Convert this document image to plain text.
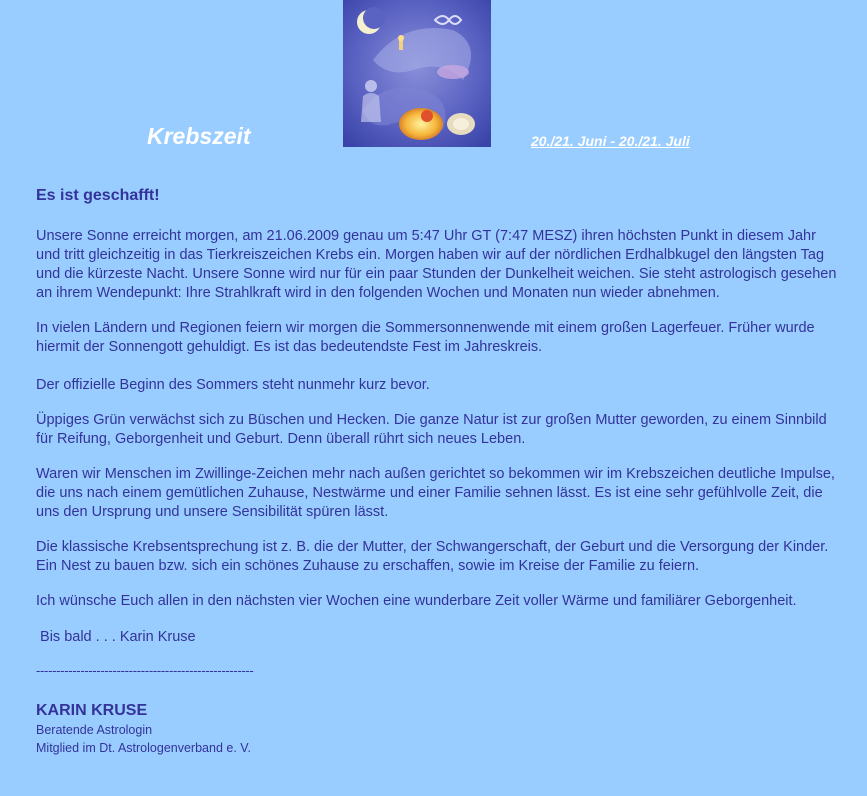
Krebszeit	20./21. Juni - 20./21. Juli
Es ist geschafft!

Unsere Sonne erreicht morgen, am 21.06.2009 genau um 5:47 Uhr GT (7:47 MESZ) ihren höchsten Punkt in diesem Jahr und tritt gleichzeitig in das Tierkreiszeichen Krebs ein. Morgen haben wir auf der nördlichen Erdhalbkugel den längsten Tag und die kürzeste Nacht. Unsere Sonne wird nur für ein paar Stunden der Dunkelheit weichen. Sie steht astrologisch gesehen an ihrem Wendepunkt: Ihre Strahlkraft wird in den folgenden Wochen und Monaten nun wieder abnehmen.

In vielen Ländern und Regionen feiern wir morgen die Sommersonnenwende mit einem großen Lagerfeuer. Früher wurde hiermit der Sonnengott gehuldigt. Es ist das bedeutendste Fest im Jahreskreis.

Der offizielle Beginn des Sommers steht nunmehr kurz bevor.

Üppiges Grün verwächst sich zu Büschen und Hecken. Die ganze Natur ist zur großen Mutter geworden, zu einem Sinnbild für Reifung, Geborgenheit und Geburt. Denn überall rührt sich neues Leben.

Waren wir Menschen im Zwillinge-Zeichen mehr nach außen gerichtet so bekommen wir im Krebszeichen deutliche Impulse, die uns nach einem gemütlichen Zuhause, Nestwärme und einer Familie sehnen lässt. Es ist eine sehr gefühlvolle Zeit, die uns den Ursprung und unsere Sensibilität spüren lässt.

Die klassische Krebsentsprechung ist z. B. die der Mutter, der Schwangerschaft, der Geburt und die Versorgung der Kinder. Ein Nest zu bauen bzw. sich ein schönes Zuhause zu erschaffen, sowie im Kreise der Familie zu feiern.

Ich wünsche Euch allen in den nächsten vier Wochen eine wunderbare Zeit voller Wärme und familiärer Geborgenheit.

Bis bald . . . Karin Kruse

------------------------------------------------------

KARIN KRUSE

Beratende Astrologin

Mitglied im Dt. Astrologenverband e. V.
